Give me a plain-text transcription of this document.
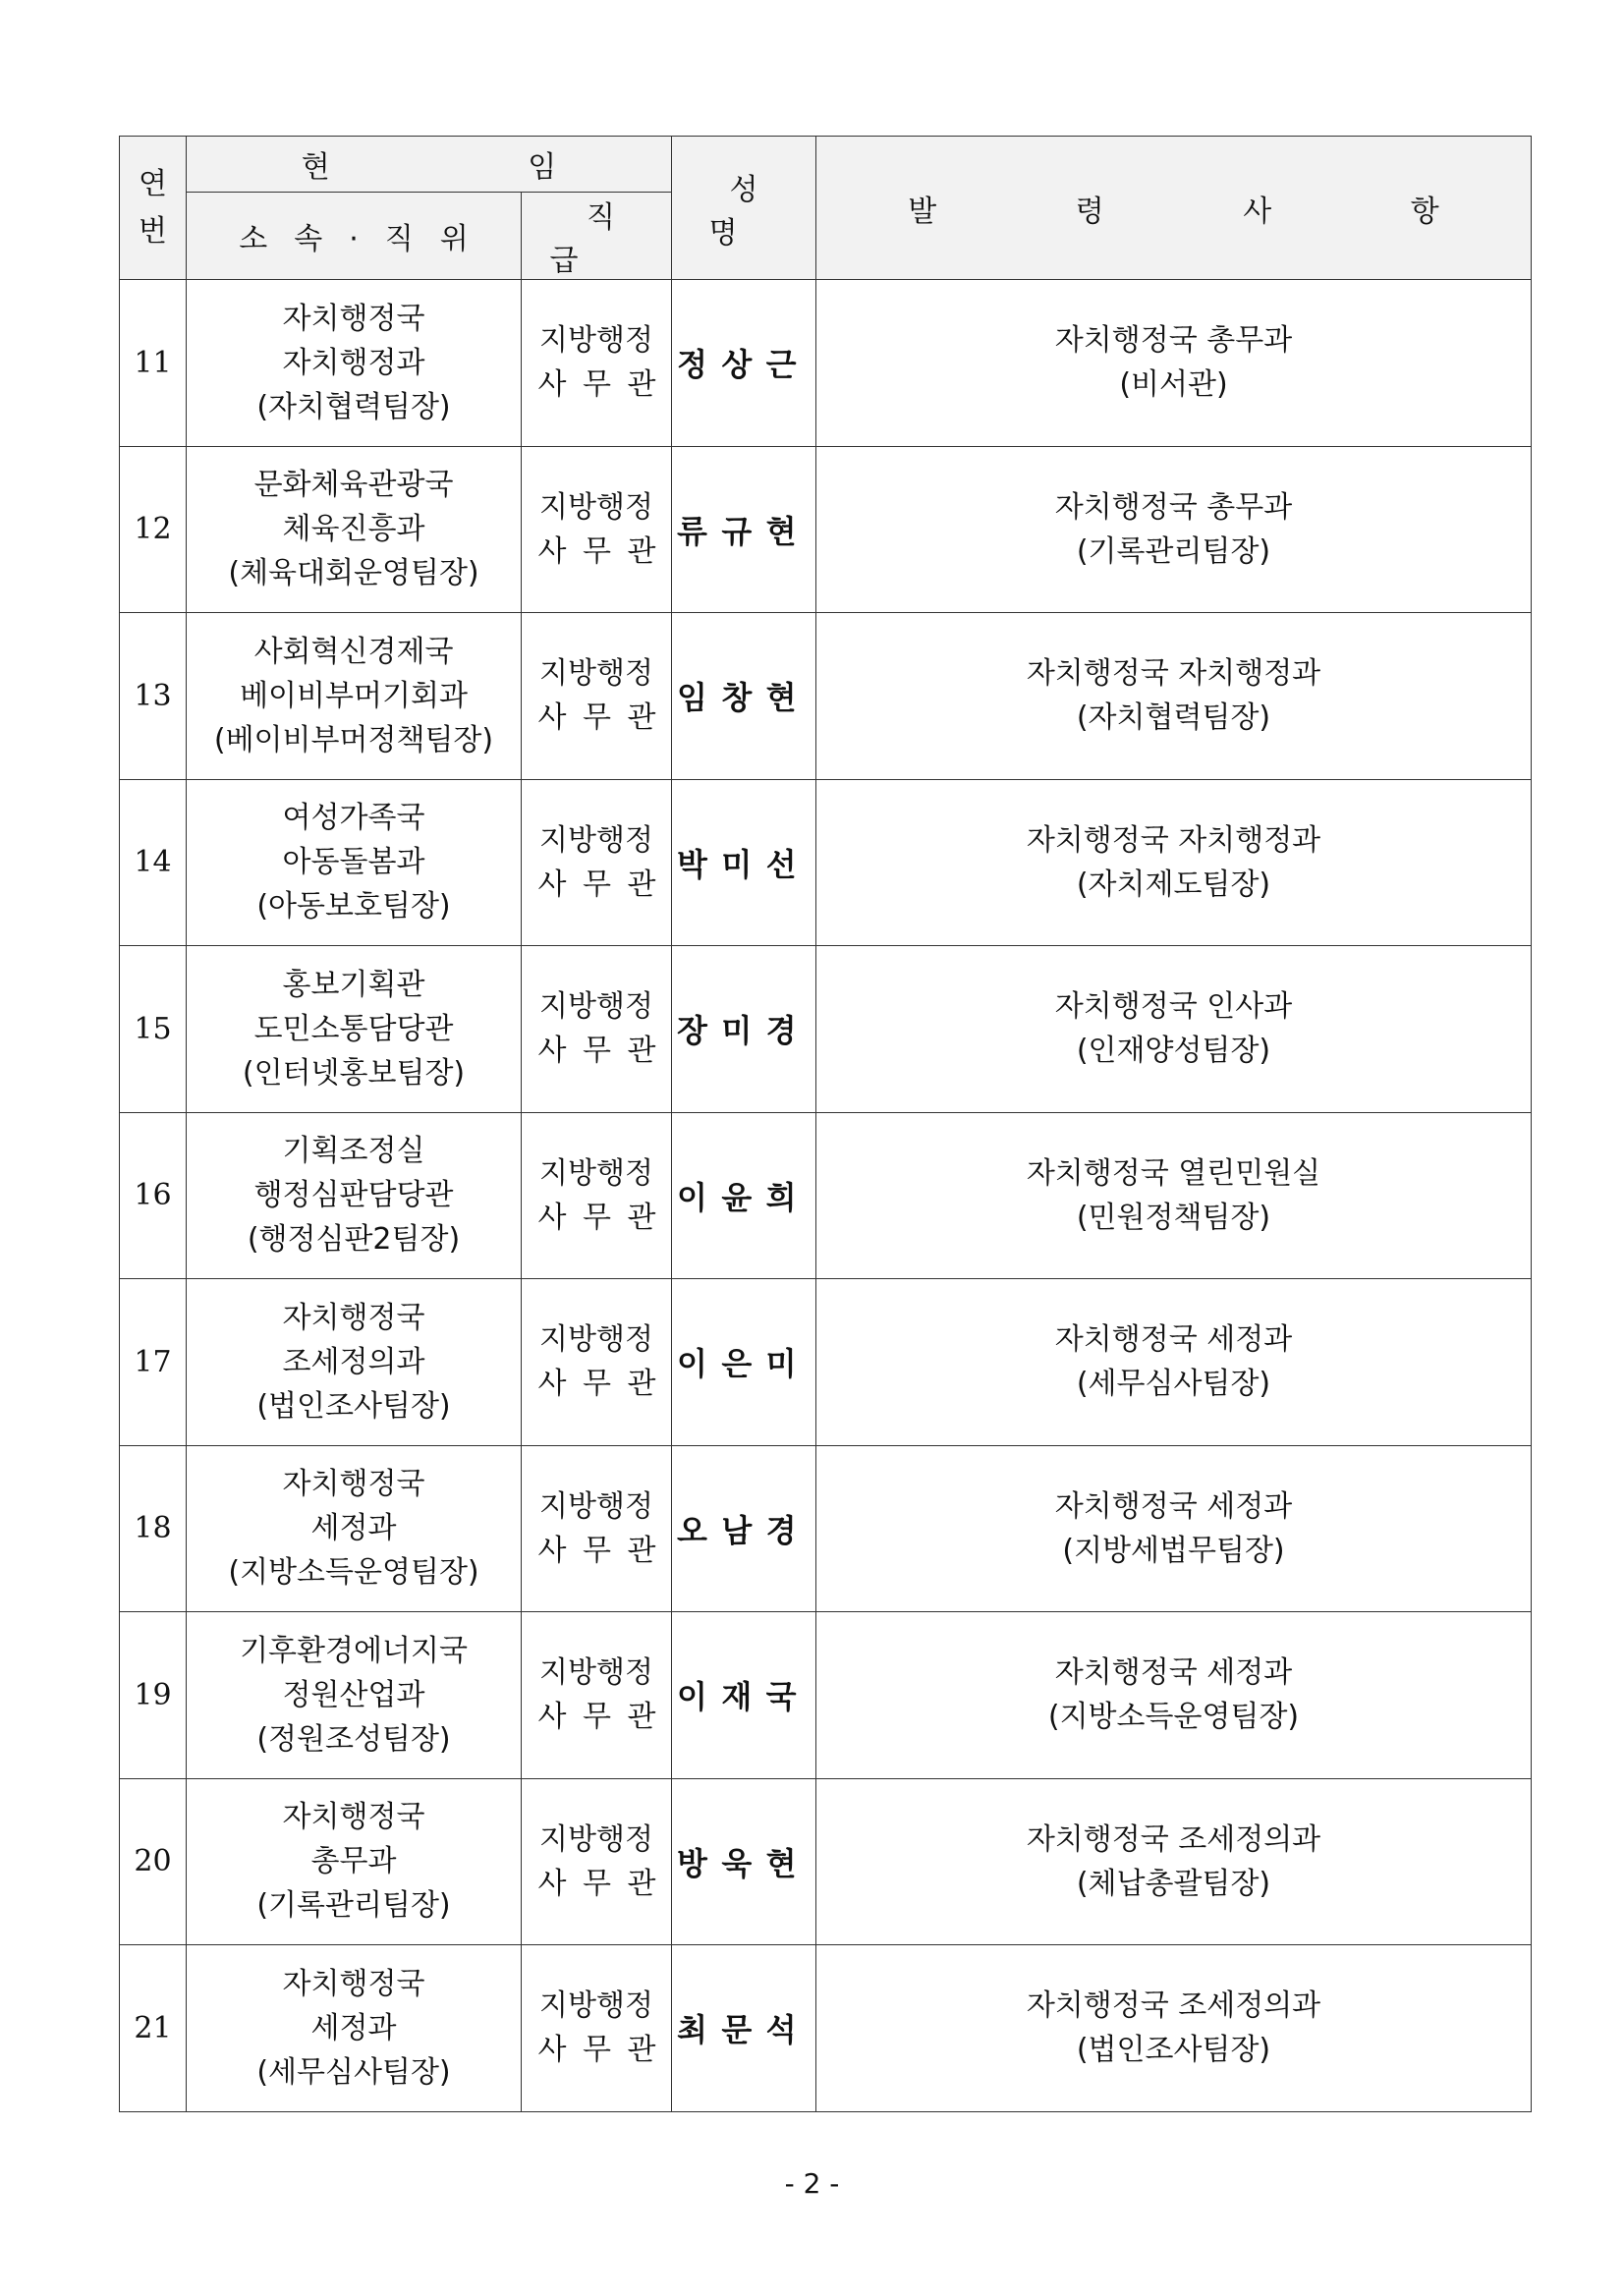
연
번	현 임		성 명	발 령 사 항
	소속·직위	직 급		
11	자치행정국
자치행정과
(자치협력팀장)	지방행정
사무관	정상근	자치행정국 총무과
(비서관)

12	문화체육관광국
체육진흥과
(체육대회운영팀장)	지방행정
사무관	류규현	자치행정국 총무과
(기록관리팀장)

13	사회혁신경제국
베이비부머기회과
(베이비부머정책팀장)	지방행정
사무관	임창현	자치행정국 자치행정과
(자치협력팀장)

14	여성가족국
아동돌봄과
(아동보호팀장)	지방행정
사무관	박미선	자치행정국 자치행정과
(자치제도팀장)

15	홍보기획관
도민소통담당관
(인터넷홍보팀장)	지방행정
사무관	장미경	자치행정국 인사과
(인재양성팀장)

16	기획조정실
행정심판담당관
(행정심판2팀장)	지방행정
사무관	이윤희	자치행정국 열린민원실
(민원정책팀장)

17	자치행정국
조세정의과
(법인조사팀장)	지방행정
사무관	이은미	자치행정국 세정과
(세무심사팀장)

18	자치행정국
세정과
(지방소득운영팀장)	지방행정
사무관	오남경	자치행정국 세정과
(지방세법무팀장)

19	기후환경에너지국
정원산업과
(정원조성팀장)	지방행정
사무관	이재국	자치행정국 세정과
(지방소득운영팀장)

20	자치행정국
총무과
(기록관리팀장)	지방행정
사무관	방욱현	자치행정국 조세정의과
(체납총괄팀장)

21	자치행정국
세정과
(세무심사팀장)	지방행정
사무관	최문석	자치행정국 조세정의과
(법인조사팀장)
- 2 -
